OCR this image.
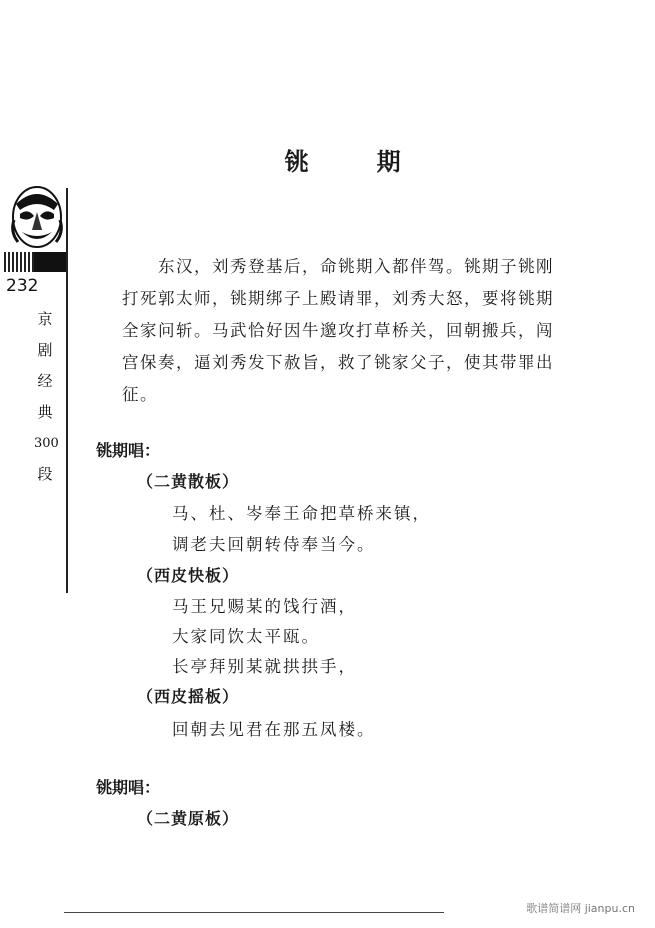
232
京
剧
经
典
300
段
铫 期

东汉，刘秀登基后，命铫期入都伴驾。铫期子铫刚打死郭太师，铫期绑子上殿请罪，刘秀大怒，要将铫期全家问斩。马武恰好因牛邈攻打草桥关，回朝搬兵，闯宫保奏，逼刘秀发下赦旨，救了铫家父子，使其带罪出征。

铫期唱：
（二黄散板）
马、杜、岑奉王命把草桥来镇，
调老夫回朝转侍奉当今。
（西皮快板）
马王兄赐某的饯行酒，
大家同饮太平瓯。
长亭拜别某就拱拱手，
（西皮摇板）
回朝去见君在那五凤楼。
铫期唱：
（二黄原板）
歌谱简谱网 jianpu.cn
